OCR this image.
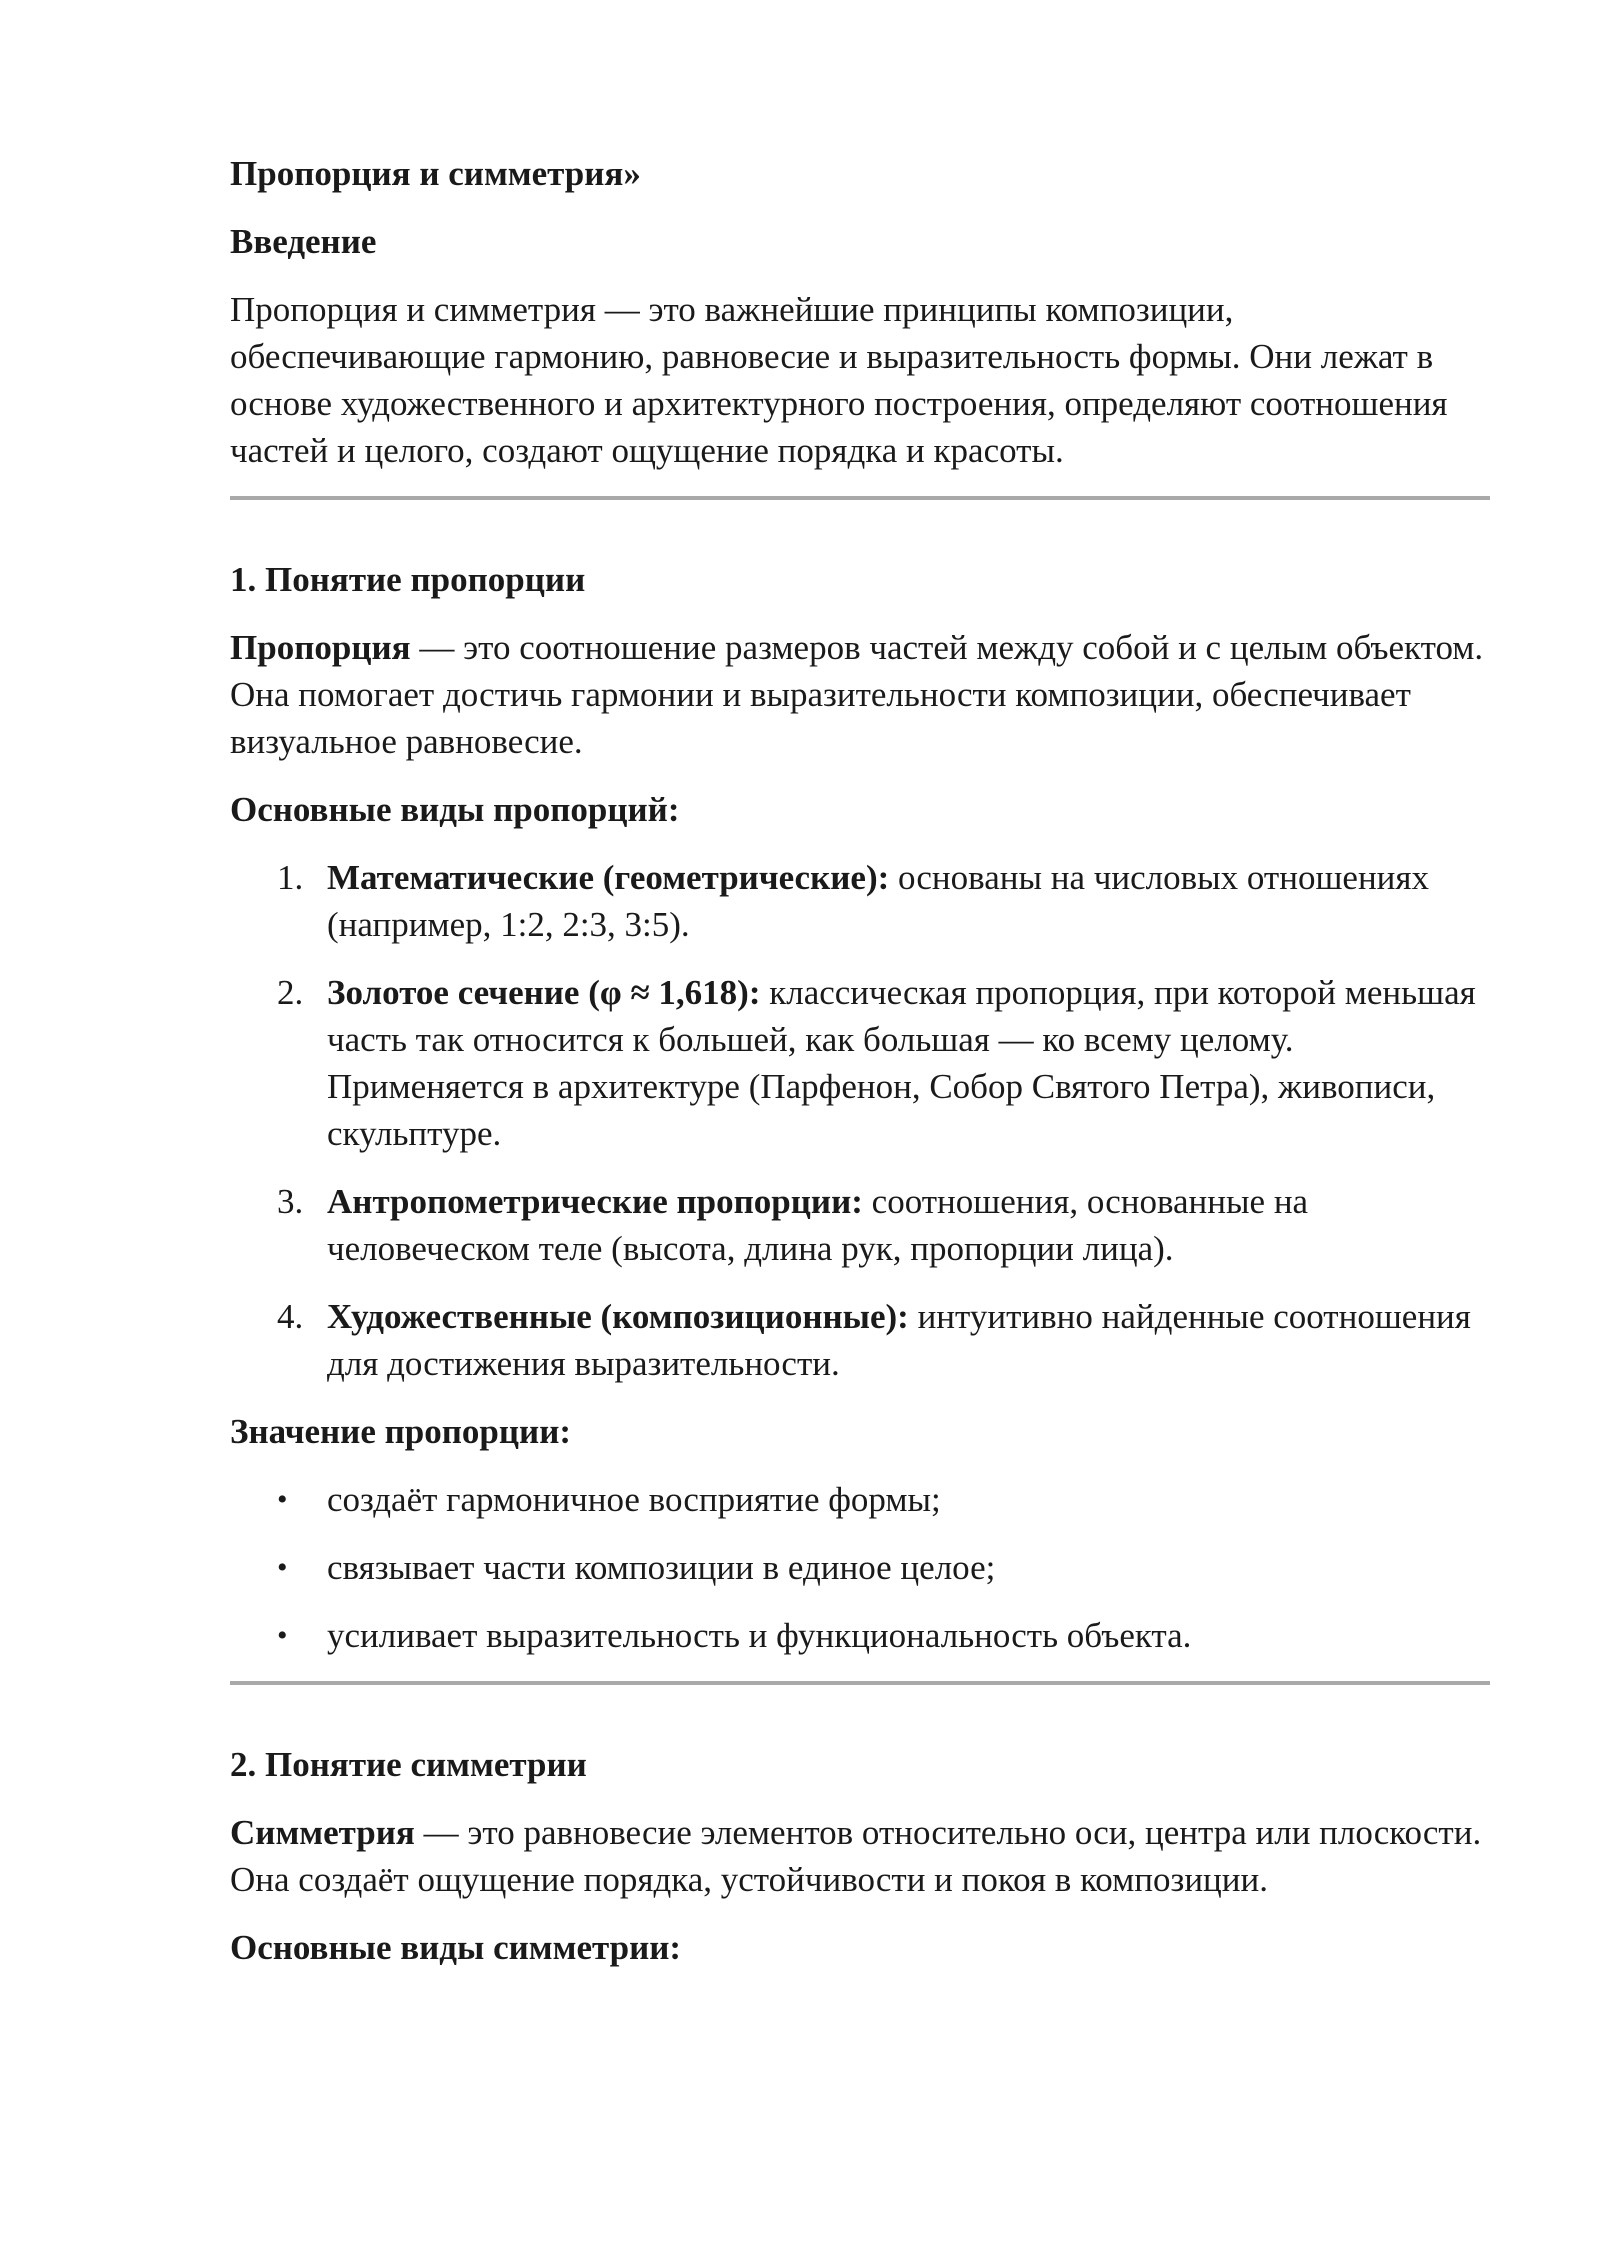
Пропорция и симметрия»

Введение

Пропорция и симметрия — это важнейшие принципы композиции, обеспечивающие гармонию, равновесие и выразительность формы. Они лежат в основе художественного и архитектурного построения, определяют соотношения частей и целого, создают ощущение порядка и красоты.

1. Понятие пропорции

Пропорция — это соотношение размеров частей между собой и с целым объектом.

Она помогает достичь гармонии и выразительности композиции, обеспечивает визуальное равновесие.

Основные виды пропорций:

1. Математические (геометрические): основаны на числовых отношениях (например, 1:2, 2:3, 3:5).
2. Золотое сечение (φ ≈ 1,618): классическая пропорция, при которой меньшая часть так относится к большей, как большая — ко всему целому.
Применяется в архитектуре (Парфенон, Собор Святого Петра), живописи, скульптуре.
3. Антропометрические пропорции: соотношения, основанные на человеческом теле (высота, длина рук, пропорции лица).
4. Художественные (композиционные): интуитивно найденные соотношения для достижения выразительности.

Значение пропорции:

• создаёт гармоничное восприятие формы;
• связывает части композиции в единое целое;
• усиливает выразительность и функциональность объекта.

2. Понятие симметрии

Симметрия — это равновесие элементов относительно оси, центра или плоскости.

Она создаёт ощущение порядка, устойчивости и покоя в композиции.

Основные виды симметрии:
